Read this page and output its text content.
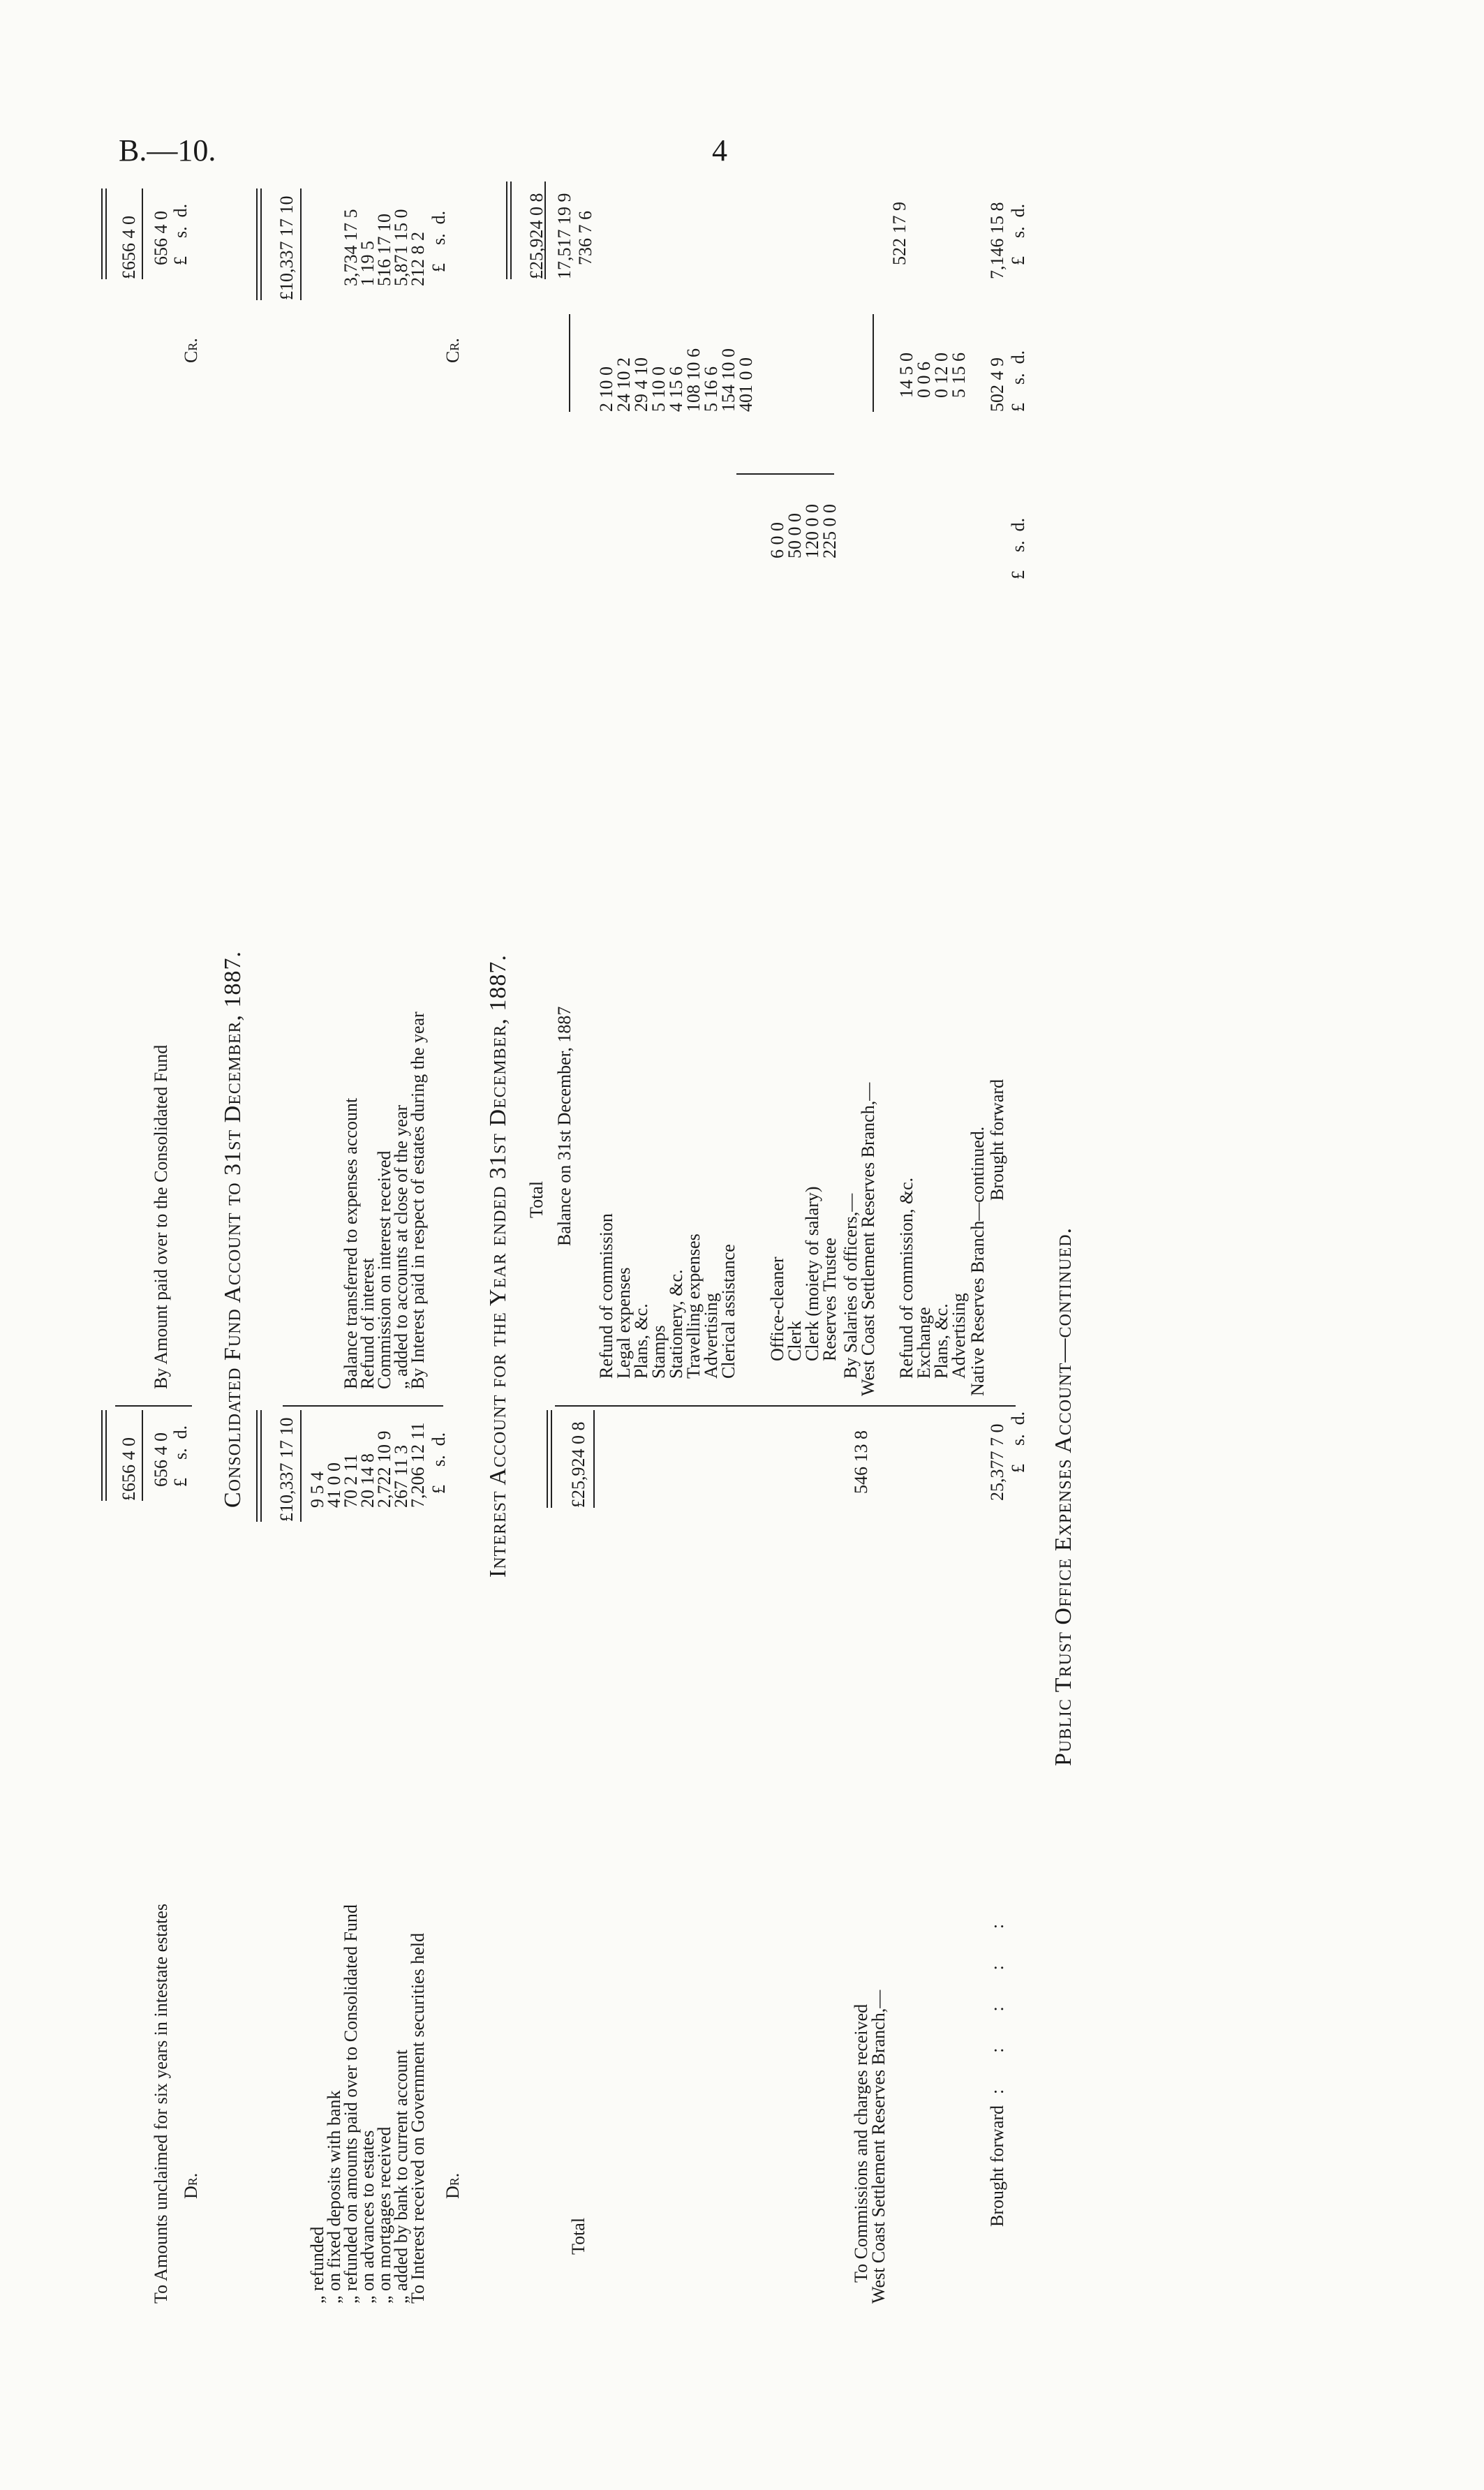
B.—10.	4
Public Trust Office Expenses Account—continued.
£    s.  d.
Brought forward
:        :        :        :        :
25,377 7 0
West Coast Settlement Reserves Branch,—
To Commissions and charges received
546 13 8
Total
£25,924 0 8
£    s.  d.
£    s.  d.
£    s.  d.
Brought forward
502 4 9
7,146 15 8
Native Reserves Branch—continued.
Advertising
5 15 6
Plans, &c.
0 12 0
Exchange
0 0 6
Refund of commission, &c.
14 5 0
522 17 9
West Coast Settlement Reserves Branch,—
By Salaries of officers,—
Reserves Trustee
225 0 0
Clerk (moiety of salary)
120 0 0
Clerk
50 0 0
Office-cleaner
6 0 0
401 0 0
Clerical assistance
154 10 0
Advertising
5 16 6
Travelling expenses
108 10 6
Stationery, &c.
4 15 6
Stamps
5 10 0
Plans, &c.
29 4 10
Legal expenses
24 10 2
Refund of commission
2 10 0
736 7 6
Balance on 31st December, 1887
17,517 19 9
Total
£25,924 0 8
Interest Account for the Year ended 31st December, 1887.
Dr.
Cr.
£    s.  d.
£    s.  d.
To Interest received on Government securities held
7,206 12 11
„ added by bank to current account
267 11 3
„ on mortgages received
2,722 10 9
„ on advances to estates
20 14 8
„ refunded on amounts paid over to Consolidated Fund
70 2 11
„ on fixed deposits with bank
41 0 0
„ refunded
9 5 4
By Interest paid in respect of estates during the year
212 8 2
„ added to accounts at close of the year
5,871 15 0
Commission on interest received
516 17 10
Refund of interest
1 19 5
Balance transferred to expenses account
3,734 17 5
£10,337 17 10
£10,337 17 10
Consolidated Fund Account to 31st December, 1887.
Dr.
Cr.
£    s.  d.
£    s.  d.
To Amounts unclaimed for six years in intestate estates
656 4 0
By Amount paid over to the Consolidated Fund
656 4 0
£656 4 0
£656 4 0
